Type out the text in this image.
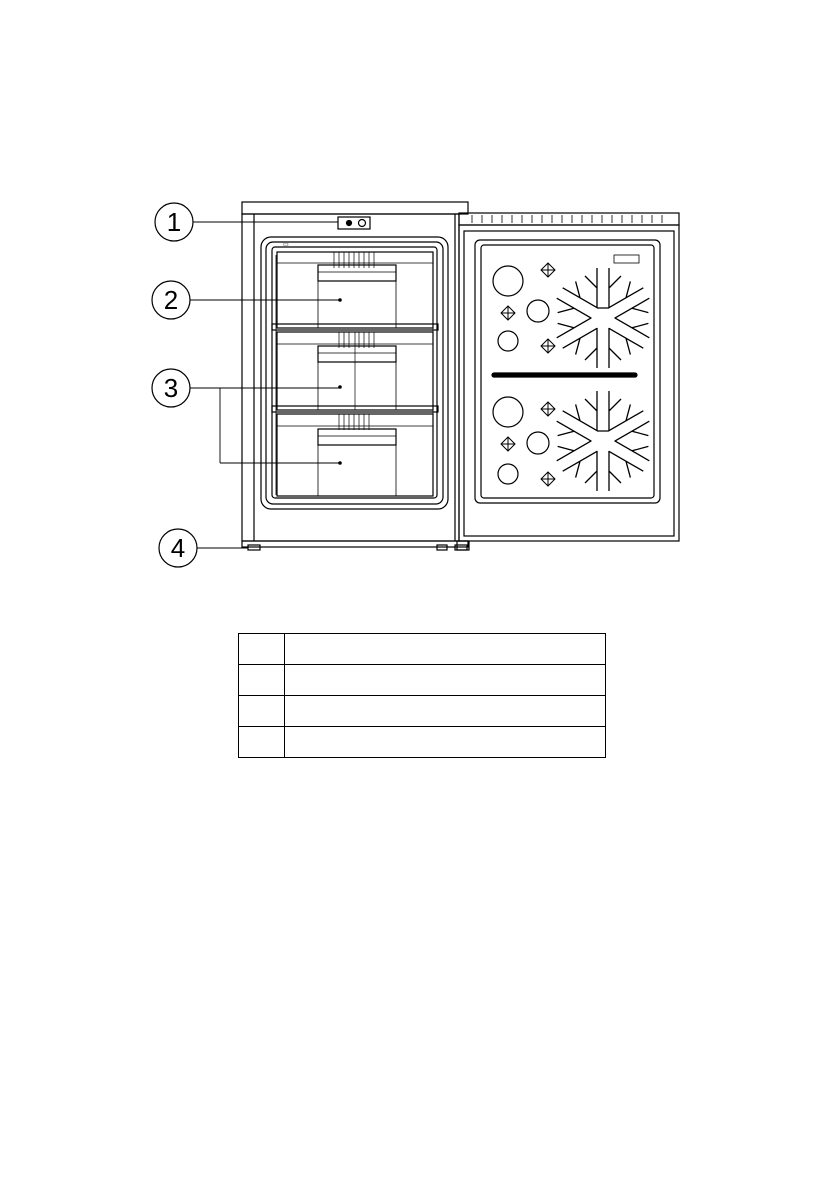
▭
1
2
3
4
